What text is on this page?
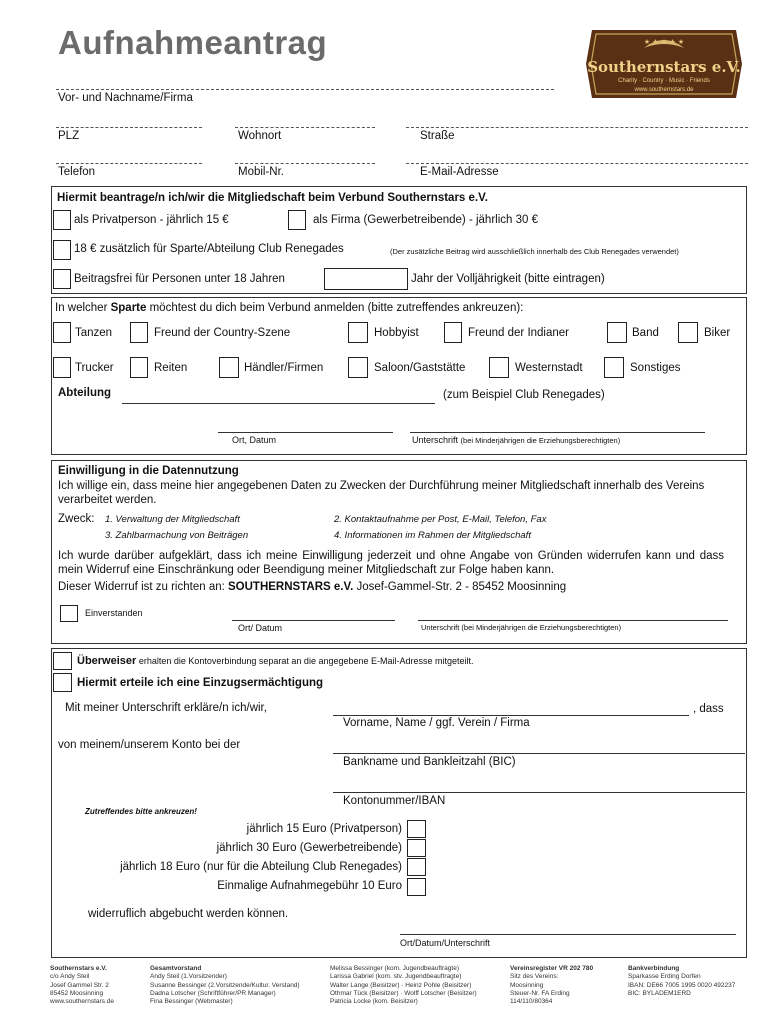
Aufnahmeantrag	★ ★ ★ ★ ★
Southernstars e.V.
Charity · Country · Music · Friends
www.southernstars.de
Vor- und Nachname/Firma
PLZ	Wohnort	Straße
Telefon	Mobil-Nr.	E-Mail-Adresse
Hiermit beantrage/n ich/wir die Mitgliedschaft beim Verbund Southernstars e.V.
als Privatperson - jährlich 15 €	als Firma (Gewerbetreibende) - jährlich 30 €
18 € zusätzlich für Sparte/Abteilung Club Renegades	(Der zusätzliche Beitrag wird ausschließlich innerhalb des Club Renegades verwendet)
Beitragsfrei für Personen unter 18 Jahren	Jahr der Volljährigkeit (bitte eintragen)
In welcher Sparte möchtest du dich beim Verbund anmelden (bitte zutreffendes ankreuzen):
Tanzen	Freund der Country-Szene	Hobbyist	Freund der Indianer	Band	Biker
Trucker	Reiten	Händler/Firmen	Saloon/Gaststätte	Westernstadt	Sonstiges
Abteilung	(zum Beispiel Club Renegades)
Ort, Datum	Unterschrift (bei Minderjährigen die Erziehungsberechtigten)
Einwilligung in die Datennutzung
Ich willige ein, dass meine hier angegebenen Daten zu Zwecken der Durchführung meiner Mitgliedschaft innerhalb des Vereins verarbeitet werden.
Zweck: 1. Verwaltung der Mitgliedschaft	2. Kontaktaufnahme per Post, E-Mail, Telefon, Fax
3. Zahlbarmachung von Beiträgen	4. Informationen im Rahmen der Mitgliedschaft
Ich wurde darüber aufgeklärt, dass ich meine Einwilligung jederzeit und ohne Angabe von Gründen widerrufen kann und dass mein Widerruf eine Einschränkung oder Beendigung meiner Mitgliedschaft zur Folge haben kann.
Dieser Widerruf ist zu richten an: SOUTHERNSTARS e.V. Josef-Gammel-Str. 2 - 85452 Moosinning
Einverstanden
Ort/ Datum	Unterschrift (bei Minderjährigen die Erziehungsberechtigten)
Überweiser erhalten die Kontoverbindung separat an die angegebene E-Mail-Adresse mitgeteilt.
Hiermit erteile ich eine Einzugsermächtigung
Mit meiner Unterschrift erkläre/n ich/wir,	, dass
Vorname, Name / ggf. Verein / Firma
von meinem/unserem Konto bei der
Bankname und Bankleitzahl (BIC)
Kontonummer/IBAN
Zutreffendes bitte ankreuzen!
jährlich 15 Euro (Privatperson)
jährlich 30 Euro (Gewerbetreibende)
jährlich 18 Euro (nur für die Abteilung Club Renegades)
Einmalige Aufnahmegebühr 10 Euro
widerruflich abgebucht werden können.
Ort/Datum/Unterschrift
Southernstars e.V.
c/o Andy Steil
Josef Gammel Str. 2
85452 Moosinning
www.southernstars.de
Gesamtvorstand
Andy Steil (1.Vorsitzender)
Susanne Bessinger (2.Vorsitzende/Kultur. Verstand)
Dadna Lotscher (Schriftführer/PR Manager)
Fina Bessinger (Webmaster)
Melissa Bessinger (kom. Jugendbeauftragte)
Larissa Gabriel (kom. stv. Jugendbeauftragte)
Walter Lange (Beisitzer) · Heinz Pohle (Beisitzer)
Othmar Tück (Beisitzer) · Wolff Lotscher (Beisitzer)
Patricia Locke (kom. Beisitzer)
Vereinsregister VR 202 780
Sitz des Vereins:
Moosinning
Steuer-Nr. FA Erding
114/110/80364
Bankverbindung
Sparkasse Erding Dorfen
IBAN: DE66 7005 1995 0020 492237
BIC: BYLADEM1ERD
